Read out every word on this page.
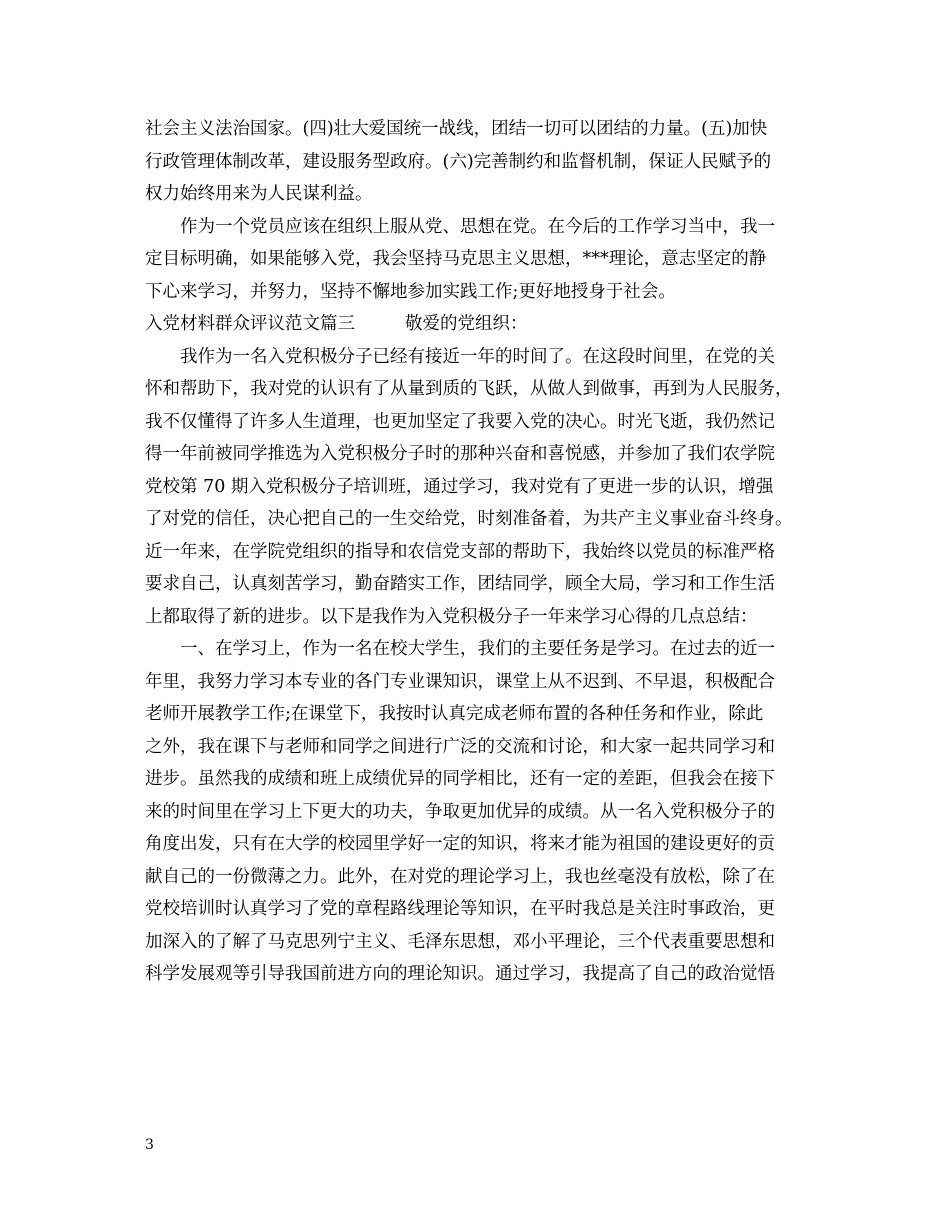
社会主义法治国家。(四)壮大爱国统一战线，团结一切可以团结的力量。(五)加快
行政管理体制改革，建设服务型政府。(六)完善制约和监督机制，保证人民赋予的
权力始终用来为人民谋利益。
作为一个党员应该在组织上服从党、思想在党。在今后的工作学习当中，我一
定目标明确，如果能够入党，我会坚持马克思主义思想，***理论，意志坚定的静
下心来学习，并努力，坚持不懈地参加实践工作;更好地授身于社会。
入党材料群众评议范文篇三	敬爱的党组织：
我作为一名入党积极分子已经有接近一年的时间了。在这段时间里，在党的关
怀和帮助下，我对党的认识有了从量到质的飞跃，从做人到做事，再到为人民服务，
我不仅懂得了许多人生道理，也更加坚定了我要入党的决心。时光飞逝，我仍然记
得一年前被同学推选为入党积极分子时的那种兴奋和喜悦感，并参加了我们农学院
党校第 70 期入党积极分子培训班，通过学习，我对党有了更进一步的认识，增强
了对党的信任，决心把自己的一生交给党，时刻准备着，为共产主义事业奋斗终身。
近一年来，在学院党组织的指导和农信党支部的帮助下，我始终以党员的标准严格
要求自己，认真刻苦学习，勤奋踏实工作，团结同学，顾全大局，学习和工作生活
上都取得了新的进步。以下是我作为入党积极分子一年来学习心得的几点总结：
一、在学习上，作为一名在校大学生，我们的主要任务是学习。在过去的近一
年里，我努力学习本专业的各门专业课知识，课堂上从不迟到、不早退，积极配合
老师开展教学工作;在课堂下，我按时认真完成老师布置的各种任务和作业，除此
之外，我在课下与老师和同学之间进行广泛的交流和讨论，和大家一起共同学习和
进步。虽然我的成绩和班上成绩优异的同学相比，还有一定的差距，但我会在接下
来的时间里在学习上下更大的功夫，争取更加优异的成绩。从一名入党积极分子的
角度出发，只有在大学的校园里学好一定的知识，将来才能为祖国的建设更好的贡
献自己的一份微薄之力。此外，在对党的理论学习上，我也丝毫没有放松，除了在
党校培训时认真学习了党的章程路线理论等知识，在平时我总是关注时事政治，更
加深入的了解了马克思列宁主义、毛泽东思想，邓小平理论，三个代表重要思想和
科学发展观等引导我国前进方向的理论知识。通过学习，我提高了自己的政治觉悟
3
